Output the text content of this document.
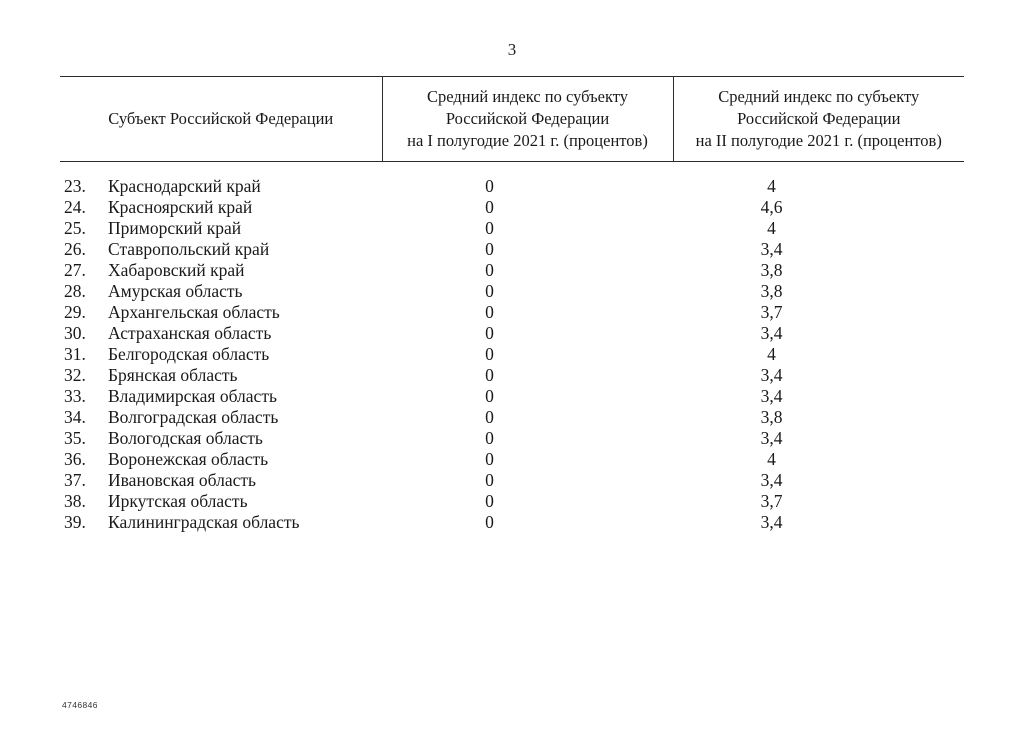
3
Субъект Российской Федерации	Средний индекс по субъекту
Российской Федерации
на I полугодие 2021 г. (процентов)	Средний индекс по субъекту
Российской Федерации
на II полугодие 2021 г. (процентов)

23. Краснодарский край	0	4
24. Красноярский край	0	4,6
25. Приморский край	0	4
26. Ставропольский край	0	3,4
27. Хабаровский край	0	3,8
28. Амурская область	0	3,8
29. Архангельская область	0	3,7
30. Астраханская область	0	3,4
31. Белгородская область	0	4
32. Брянская область	0	3,4
33. Владимирская область	0	3,4
34. Волгоградская область	0	3,8
35. Вологодская область	0	3,4
36. Воронежская область	0	4
37. Ивановская область	0	3,4
38. Иркутская область	0	3,7
39. Калининградская область	0	3,4
4746846
